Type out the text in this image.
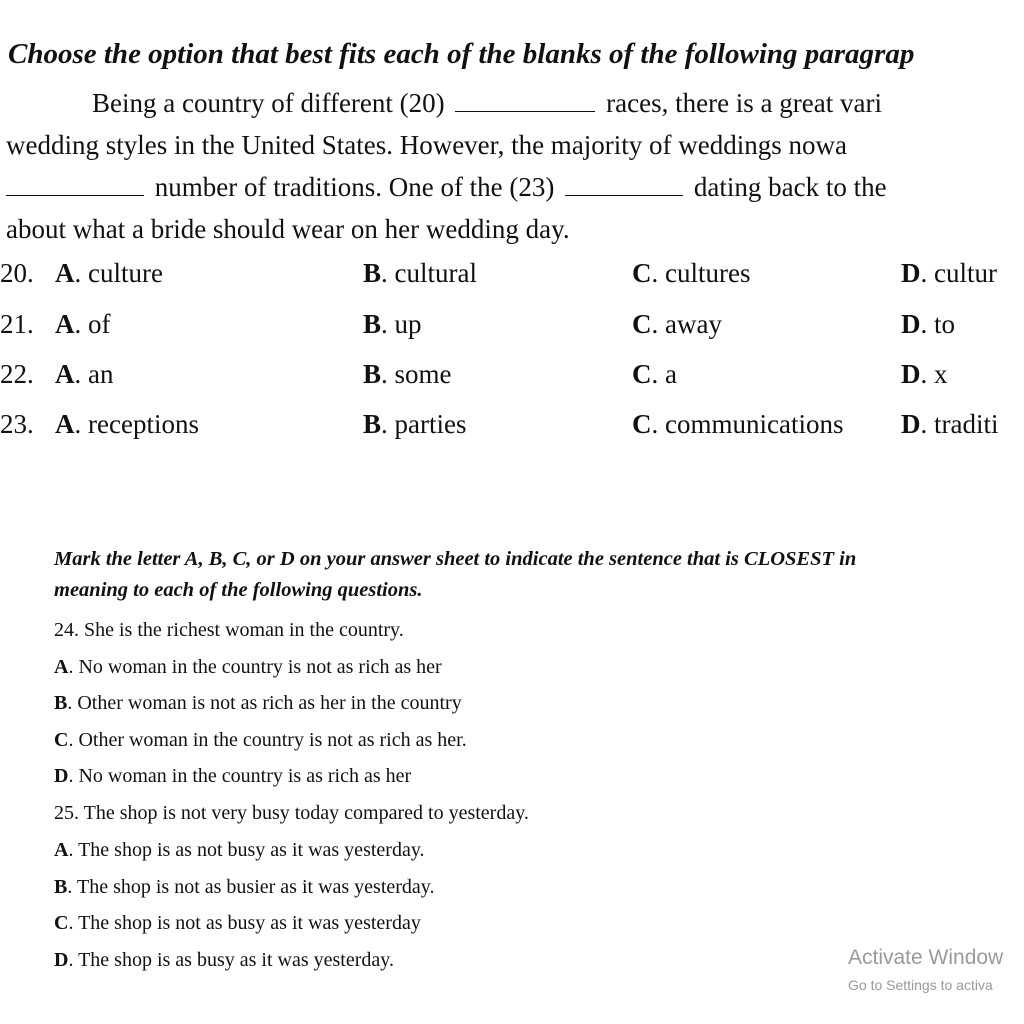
Choose the option that best fits each of the blanks of the following paragrap
Being a country of different (20)	races, there is a great vari
wedding styles in the United States. However, the majority of weddings nowa
number of traditions. One of the (23)	dating back to the
about what a bride should wear on her wedding day.
20. A. culture	B. cultural	C. cultures	D. cultur
21. A. of	B. up	C. away	D. to
22. A. an	B. some	C. a	D. x
23. A. receptions	B. parties	C. communications D. traditi
Mark the letter A, B, C, or D on your answer sheet to indicate the sentence that is CLOSEST in
meaning to each of the following questions.
24. She is the richest woman in the country.
A. No woman in the country is not as rich as her
B. Other woman is not as rich as her in the country
C. Other woman in the country is not as rich as her.
D. No woman in the country is as rich as her
25. The shop is not very busy today compared to yesterday.
A. The shop is as not busy as it was yesterday.
B. The shop is not as busier as it was yesterday.
C. The shop is not as busy as it was yesterday
D. The shop is as busy as it was yesterday.	Activate Window
Go to Settings to activa
